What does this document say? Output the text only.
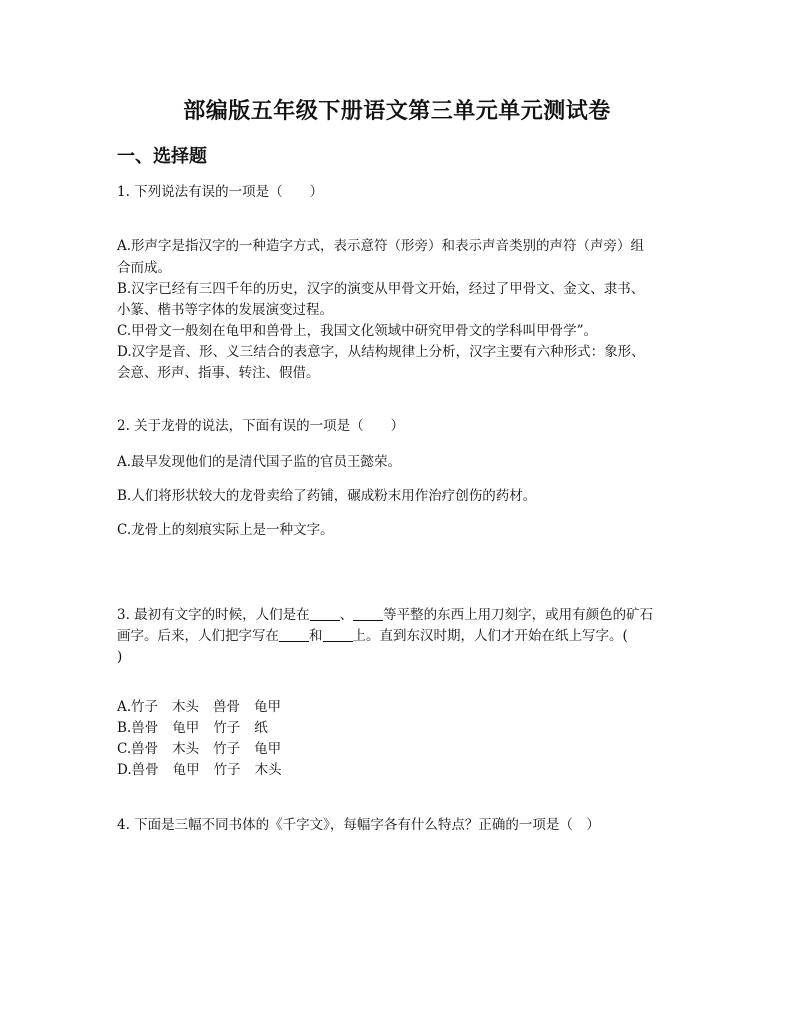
部编版五年级下册语文第三单元单元测试卷
一、选择题
1. 下列说法有误的一项是（　　）
A.形声字是指汉字的一种造字方式，表示意符（形旁）和表示声音类别的声符（声旁）组
合而成。
B.汉字已经有三四千年的历史，汉字的演变从甲骨文开始，经过了甲骨文、金文、隶书、
小篆、楷书等字体的发展演变过程。
C.甲骨文一般刻在龟甲和兽骨上，我国文化领域中研究甲骨文的学科叫甲骨学”。
D.汉字是音、形、义三结合的表意字，从结构规律上分析，汉字主要有六种形式：象形、
会意、形声、指事、转注、假借。
2. 关于龙骨的说法，下面有误的一项是（　　）
A.最早发现他们的是清代国子监的官员王懿荣。
B.人们将形状较大的龙骨卖给了药铺，碾成粉末用作治疗创伤的药材。
C.龙骨上的刻痕实际上是一种文字。
3. 最初有文字的时候，人们是在 、 等平整的东西上用刀刻字，或用有颜色的矿石
画字。后来，人们把字写在 和 上。直到东汉时期，人们才开始在纸上写字。(
)
A.竹子 木头 兽骨 龟甲
B.兽骨 龟甲 竹子 纸
C.兽骨 木头 竹子 龟甲
D.兽骨 龟甲 竹子 木头
4. 下面是三幅不同书体的《千字文》，每幅字各有什么特点？正确的一项是（　）
